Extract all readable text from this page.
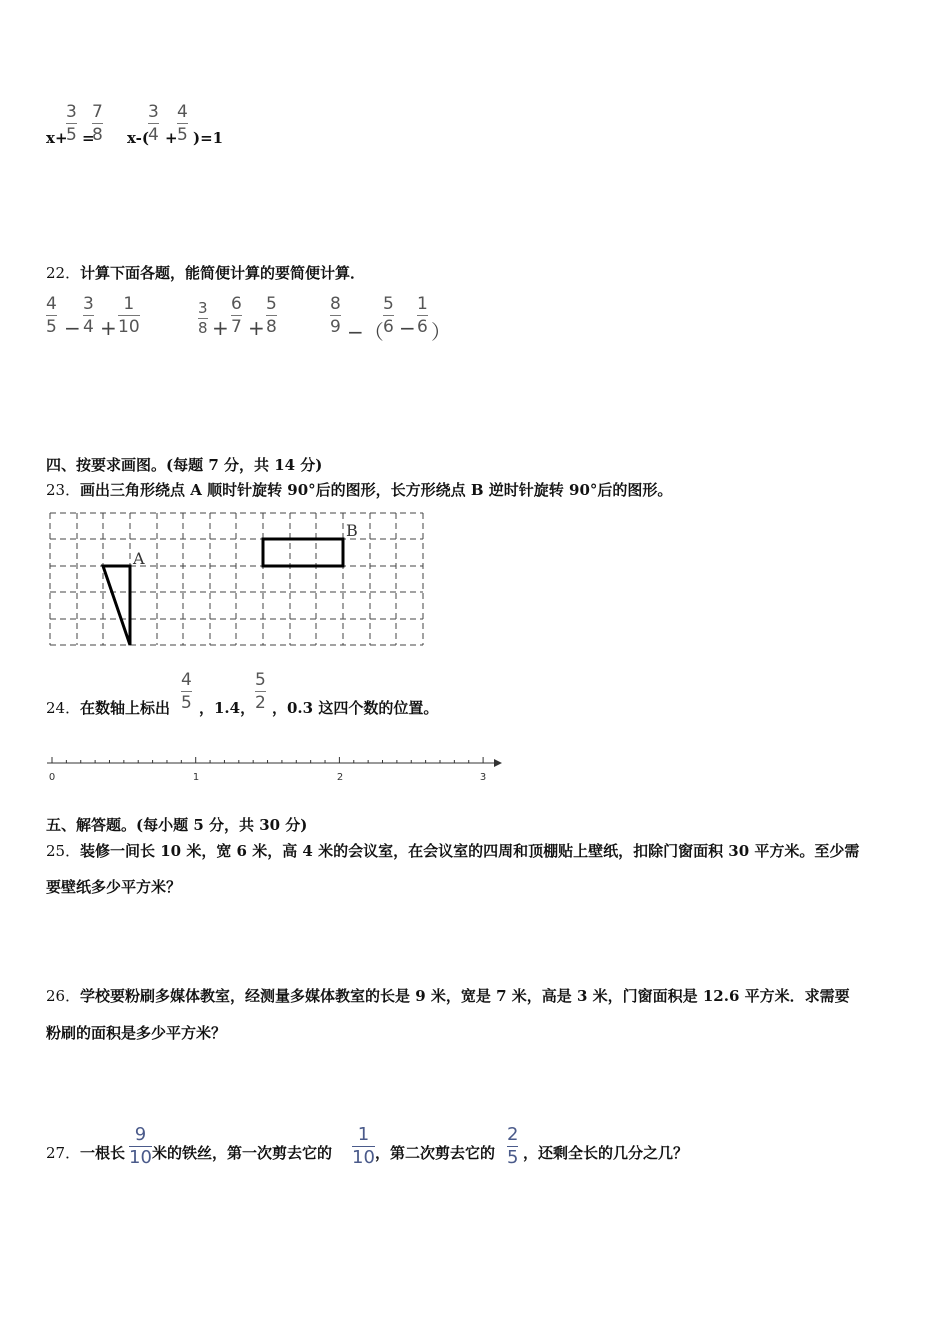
x+
3
5 =
7
8 x-(
3
4 +
4
5 )=1
22． 计算下面各题，能简便计算的要简便计算．
4
5 −
3
4 +
1
10
3
8 +
6
7 +
5
8
8
9 −（
5
6 −
1
6 ）
四、按要求画图。(每题 7 分，共 14 分)
23． 画出三角形绕点 A 顺时针旋转 90°后的图形，长方形绕点 B 逆时针旋转 90°后的图形。
A
B
24． 在数轴上标出
4
5 ，1.4，
5
2 ，0.3 这四个数的位置。
0	1	2	3
五、解答题。(每小题 5 分，共 30 分)
25． 装修一间长 10 米，宽 6 米，高 4 米的会议室，在会议室的四周和顶棚贴上壁纸，扣除门窗面积 30 平方米。至少需
要壁纸多少平方米？
26． 学校要粉刷多媒体教室，经测量多媒体教室的长是 9 米，宽是 7 米，高是 3 米，门窗面积是 12.6 平方米．求需要
粉刷的面积是多少平方米？
27． 一根长
9
10 米的铁丝，第一次剪去它的
1
10 ，第二次剪去它的
2
5 ，还剩全长的几分之几？
